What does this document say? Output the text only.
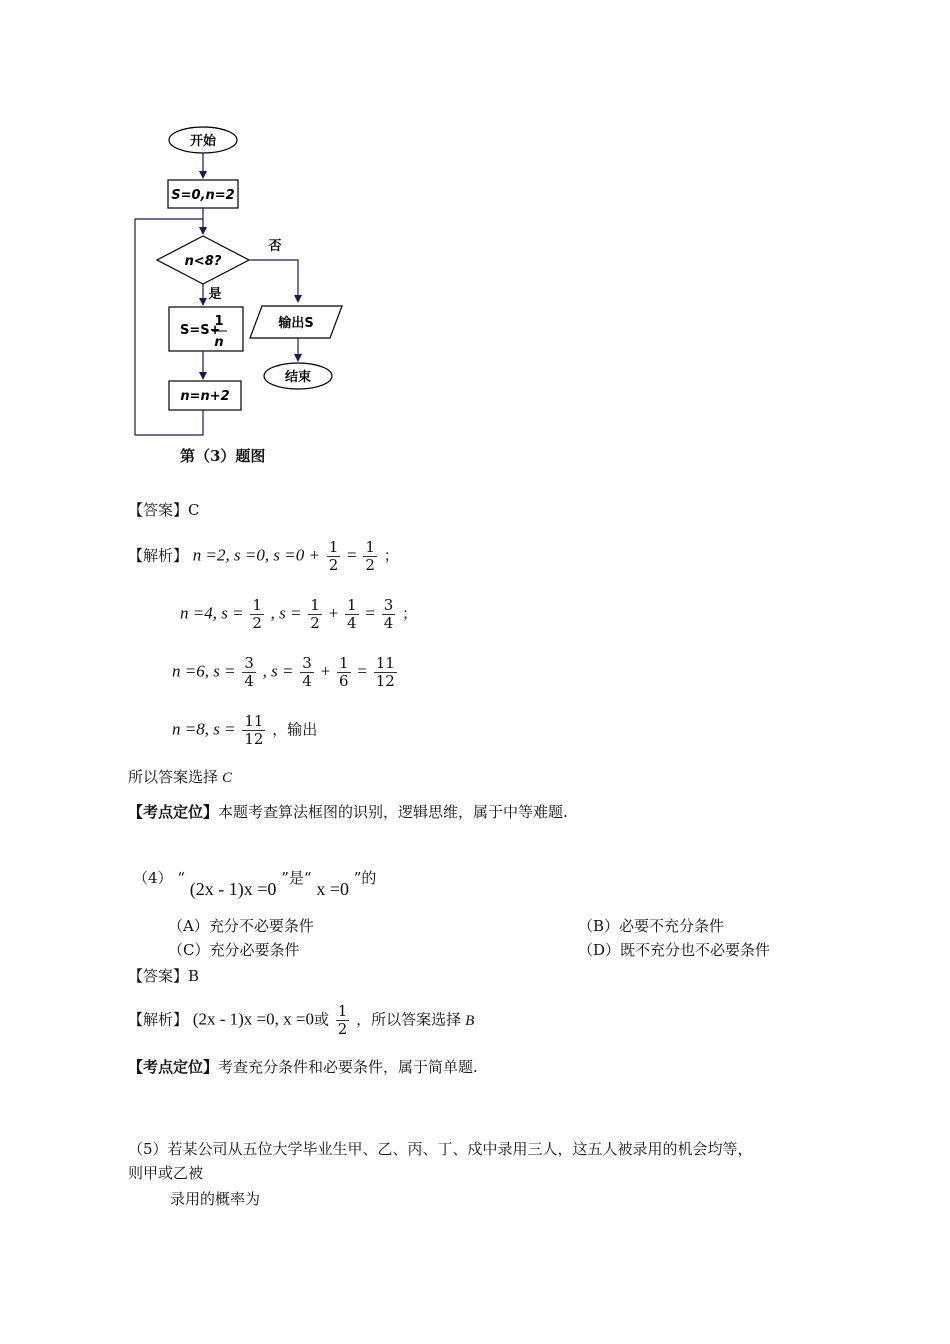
开始
S=0,n=2
n<8?
否
是
S=S+
1
n
n=n+2
输出S
结束
第（3）题图
【答案】C
【解析】 n =2, s =0, $s =0 + \frac{1}{2} = \frac{1}{2}$ ；
n =4, $s = \frac{1}{2}$ , $s = \frac{1}{2} + \frac{1}{4} = \frac{3}{4}$ ；
n =6, $s = \frac{3}{4}$ , $s = \frac{3}{4} + \frac{1}{6} = \frac{11}{12}$
n =8, $s = \frac{11}{12}$ ，输出
所以答案选择 C
【考点定位】本题考查算法框图的识别，逻辑思维，属于中等难题.
（4） “ (2x - 1)x =0 ”是“ x =0 ”的
（A）充分不必要条件	（B）必要不充分条件
（C）充分必要条件	（D）既不充分也不必要条件
【答案】B
【解析】 (2x - 1)x =0, x =0或 $\frac{1}{2}$ ，所以答案选择 B
【考点定位】考查充分条件和必要条件，属于简单题.
（5）若某公司从五位大学毕业生甲、乙、丙、丁、戍中录用三人，这五人被录用的机会均等，
则甲或乙被
录用的概率为
